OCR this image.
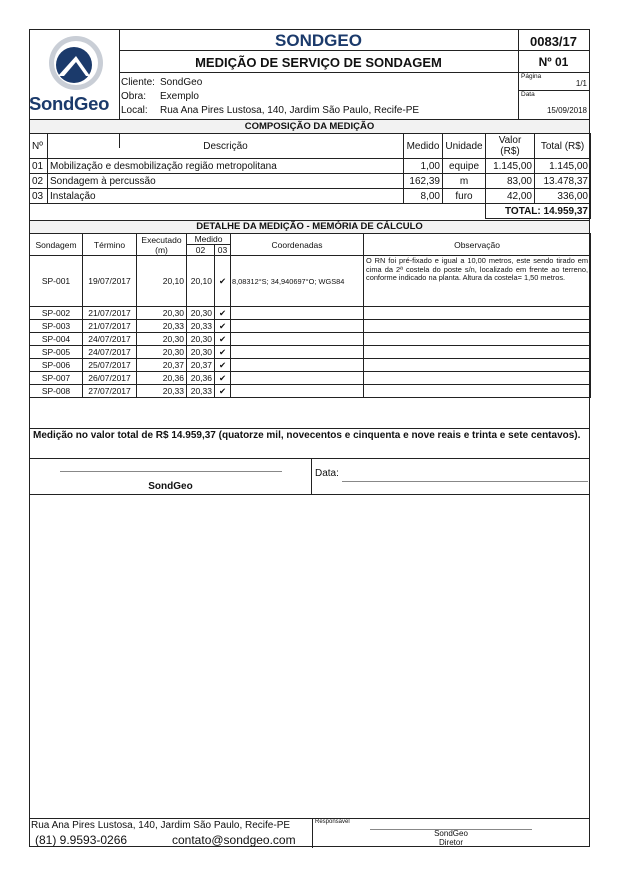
SondGeo
SONDGEO
MEDIÇÃO DE SERVIÇO DE SONDAGEM
0083/17
Nº 01
Cliente: SondGeo
Obra: Exemplo
Local: Rua Ana Pires Lustosa, 140, Jardim São Paulo, Recife-PE
Página
1/1
Data
15/09/2018
COMPOSIÇÃO DA MEDIÇÃO
Nº	Descrição	Medido	Unidade	Valor (R$)	Total (R$)
01	Mobilização e desmobilização região metropolitana	1,00	equipe	1.145,00	1.145,00
02	Sondagem à percussão	162,39	m	83,00	13.478,37
03	Instalação	8,00	furo	42,00	336,00
				TOTAL: 14.959,37	
DETALHE DA MEDIÇÃO - MEMÓRIA DE CÁLCULO
Sondagem	Término	Executado (m)	Medido		Coordenadas	Observação
			02	03		
SP-001	19/07/2017	20,10	20,10	✔	8,08312°S; 34,940697°O; WGS84	O RN foi pré-fixado e igual a 10,00 metros, este sendo tirado em cima da 2ª costela do poste s/n, localizado em frente ao terreno, conforme indicado na planta. Altura da costela= 1,50 metros.
SP-002	21/07/2017	20,30	20,30	✔		
SP-003	21/07/2017	20,33	20,33	✔		
SP-004	24/07/2017	20,30	20,30	✔		
SP-005	24/07/2017	20,30	20,30	✔		
SP-006	25/07/2017	20,37	20,37	✔		
SP-007	26/07/2017	20,36	20,36	✔		
SP-008	27/07/2017	20,33	20,33	✔		
Medição no valor total de R$ 14.959,37 (quatorze mil, novecentos e cinquenta e nove reais e trinta e sete centavos).
SondGeo
Data:
Rua Ana Pires Lustosa, 140, Jardim São Paulo, Recife-PE
(81) 9.9593-0266	contato@sondgeo.com
Responsável
SondGeo
Diretor
